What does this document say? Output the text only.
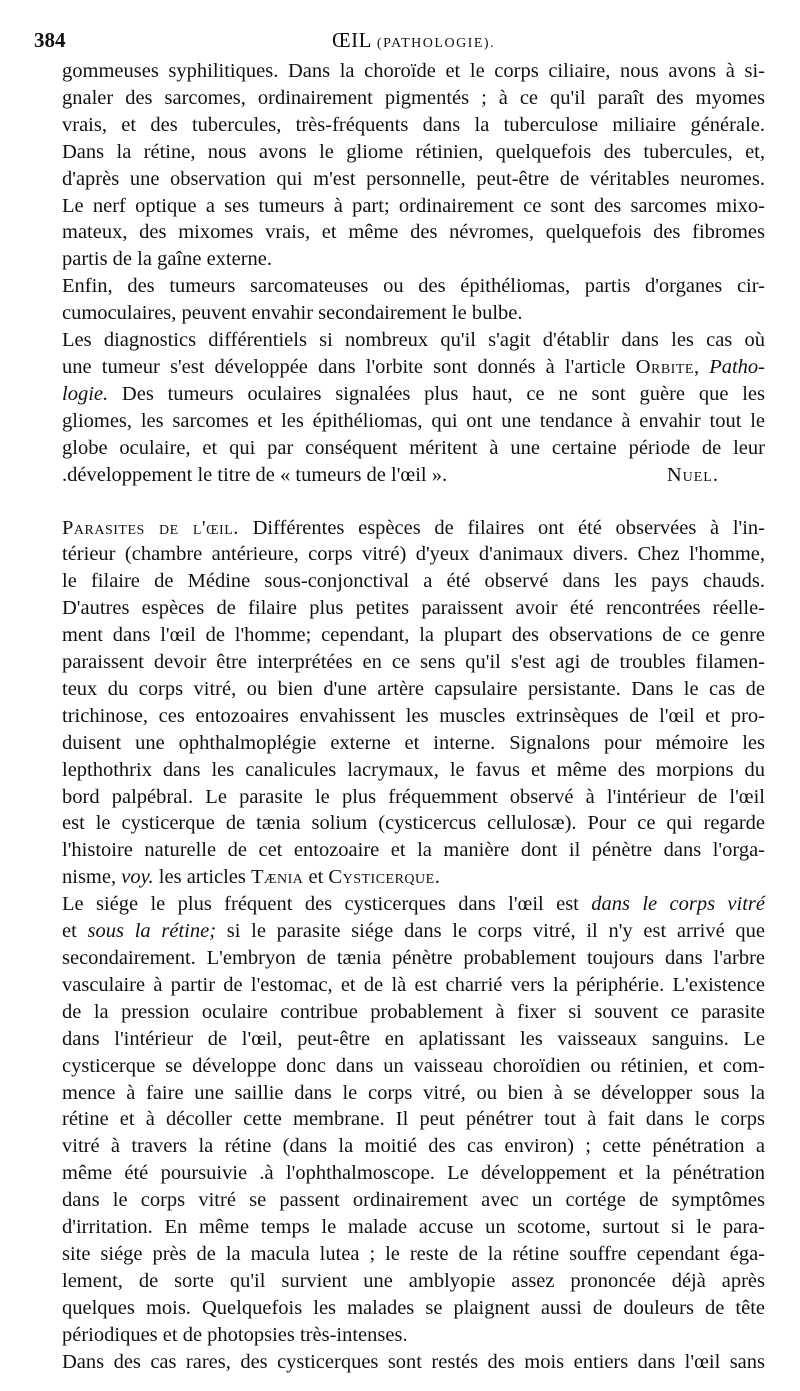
384	ŒIL (PATHOLOGIE).

gommeuses syphilitiques. Dans la choroïde et le corps ciliaire, nous avons à si-
gnaler des sarcomes, ordinairement pigmentés ; à ce qu'il paraît des myomes
vrais, et des tubercules, très-fréquents dans la tuberculose miliaire générale.
Dans la rétine, nous avons le gliome rétinien, quelquefois des tubercules, et,
d'après une observation qui m'est personnelle, peut-être de véritables neuromes.
Le nerf optique a ses tumeurs à part; ordinairement ce sont des sarcomes mixo-
mateux, des mixomes vrais, et même des névromes, quelquefois des fibromes
partis de la gaîne externe.

Enfin, des tumeurs sarcomateuses ou des épithéliomas, partis d'organes cir-
cumoculaires, peuvent envahir secondairement le bulbe.

Les diagnostics différentiels si nombreux qu'il s'agit d'établir dans les cas où
une tumeur s'est développée dans l'orbite sont donnés à l'article Orbite, Patho-
logie. Des tumeurs oculaires signalées plus haut, ce ne sont guère que les
gliomes, les sarcomes et les épithéliomas, qui ont une tendance à envahir tout le
globe oculaire, et qui par conséquent méritent à une certaine période de leur
.développement le titre de « tumeurs de l'œil ».	Nuel.

Parasites de l'œil. Différentes espèces de filaires ont été observées à l'in-
térieur (chambre antérieure, corps vitré) d'yeux d'animaux divers. Chez l'homme,
le filaire de Médine sous-conjonctival a été observé dans les pays chauds.
D'autres espèces de filaire plus petites paraissent avoir été rencontrées réelle-
ment dans l'œil de l'homme; cependant, la plupart des observations de ce genre
paraissent devoir être interprétées en ce sens qu'il s'est agi de troubles filamen-
teux du corps vitré, ou bien d'une artère capsulaire persistante. Dans le cas de
trichinose, ces entozoaires envahissent les muscles extrinsèques de l'œil et pro-
duisent une ophthalmoplégie externe et interne. Signalons pour mémoire les
lepthothrix dans les canalicules lacrymaux, le favus et même des morpions du
bord palpébral. Le parasite le plus fréquemment observé à l'intérieur de l'œil
est le cysticerque de tænia solium (cysticercus cellulosæ). Pour ce qui regarde
l'histoire naturelle de cet entozoaire et la manière dont il pénètre dans l'orga-
nisme, voy. les articles Tænia et Cysticerque.

Le siége le plus fréquent des cysticerques dans l'œil est dans le corps vitré
et sous la rétine; si le parasite siége dans le corps vitré, il n'y est arrivé que
secondairement. L'embryon de tænia pénètre probablement toujours dans l'arbre
vasculaire à partir de l'estomac, et de là est charrié vers la périphérie. L'existence
de la pression oculaire contribue probablement à fixer si souvent ce parasite
dans l'intérieur de l'œil, peut-être en aplatissant les vaisseaux sanguins. Le
cysticerque se développe donc dans un vaisseau choroïdien ou rétinien, et com-
mence à faire une saillie dans le corps vitré, ou bien à se développer sous la
rétine et à décoller cette membrane. Il peut pénétrer tout à fait dans le corps
vitré à travers la rétine (dans la moitié des cas environ) ; cette pénétration a
même été poursuivie .à l'ophthalmoscope. Le développement et la pénétration
dans le corps vitré se passent ordinairement avec un cortége de symptômes
d'irritation. En même temps le malade accuse un scotome, surtout si le para-
site siége près de la macula lutea ; le reste de la rétine souffre cependant éga-
lement, de sorte qu'il survient une amblyopie assez prononcée déjà après
quelques mois. Quelquefois les malades se plaignent aussi de douleurs de tête
périodiques et de photopsies très-intenses.

Dans des cas rares, des cysticerques sont restés des mois entiers dans l'œil sans
